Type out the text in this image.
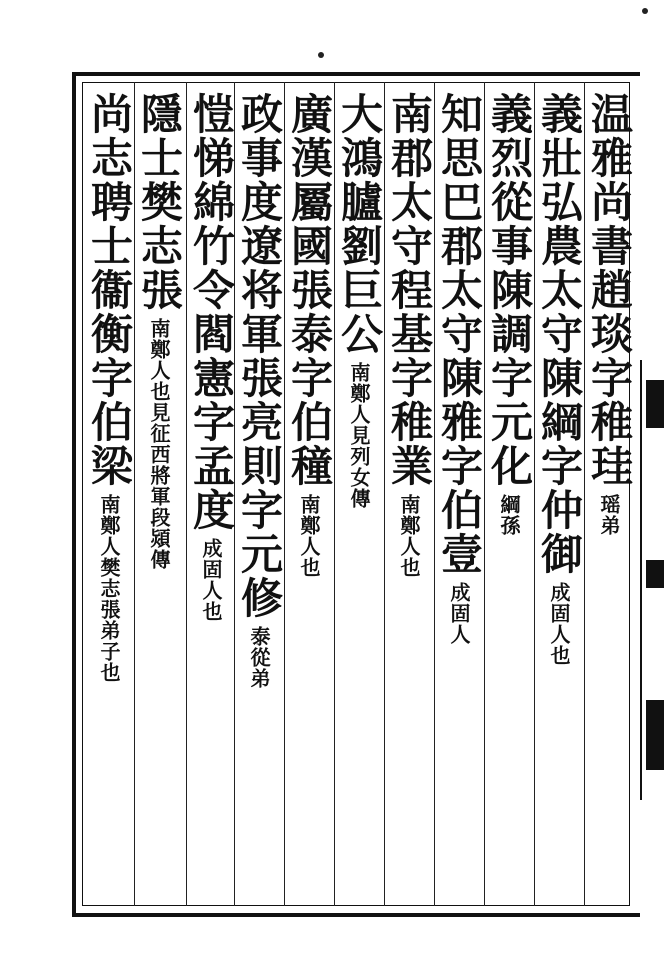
温雅尚書趙琰字稚珪
瑶弟
義壯弘農太守陳綱字仲御
成固人也
義烈從事陳調字元化
綱孫
知思巴郡太守陳雅字伯壹
成固人
南郡太守程基字稚業
南鄭人也
大鴻臚劉巨公
南鄭人見列女傳
廣漢屬國張泰字伯穜
南鄭人也
政事度遼将軍張亮則字元修
泰從弟
愷悌綿竹令閻憲字孟度
成固人也
隱士樊志張
南鄭人也見征西將軍段熲傳
尚志聘士衞衡字伯梁
南鄭人樊志張弟子也
